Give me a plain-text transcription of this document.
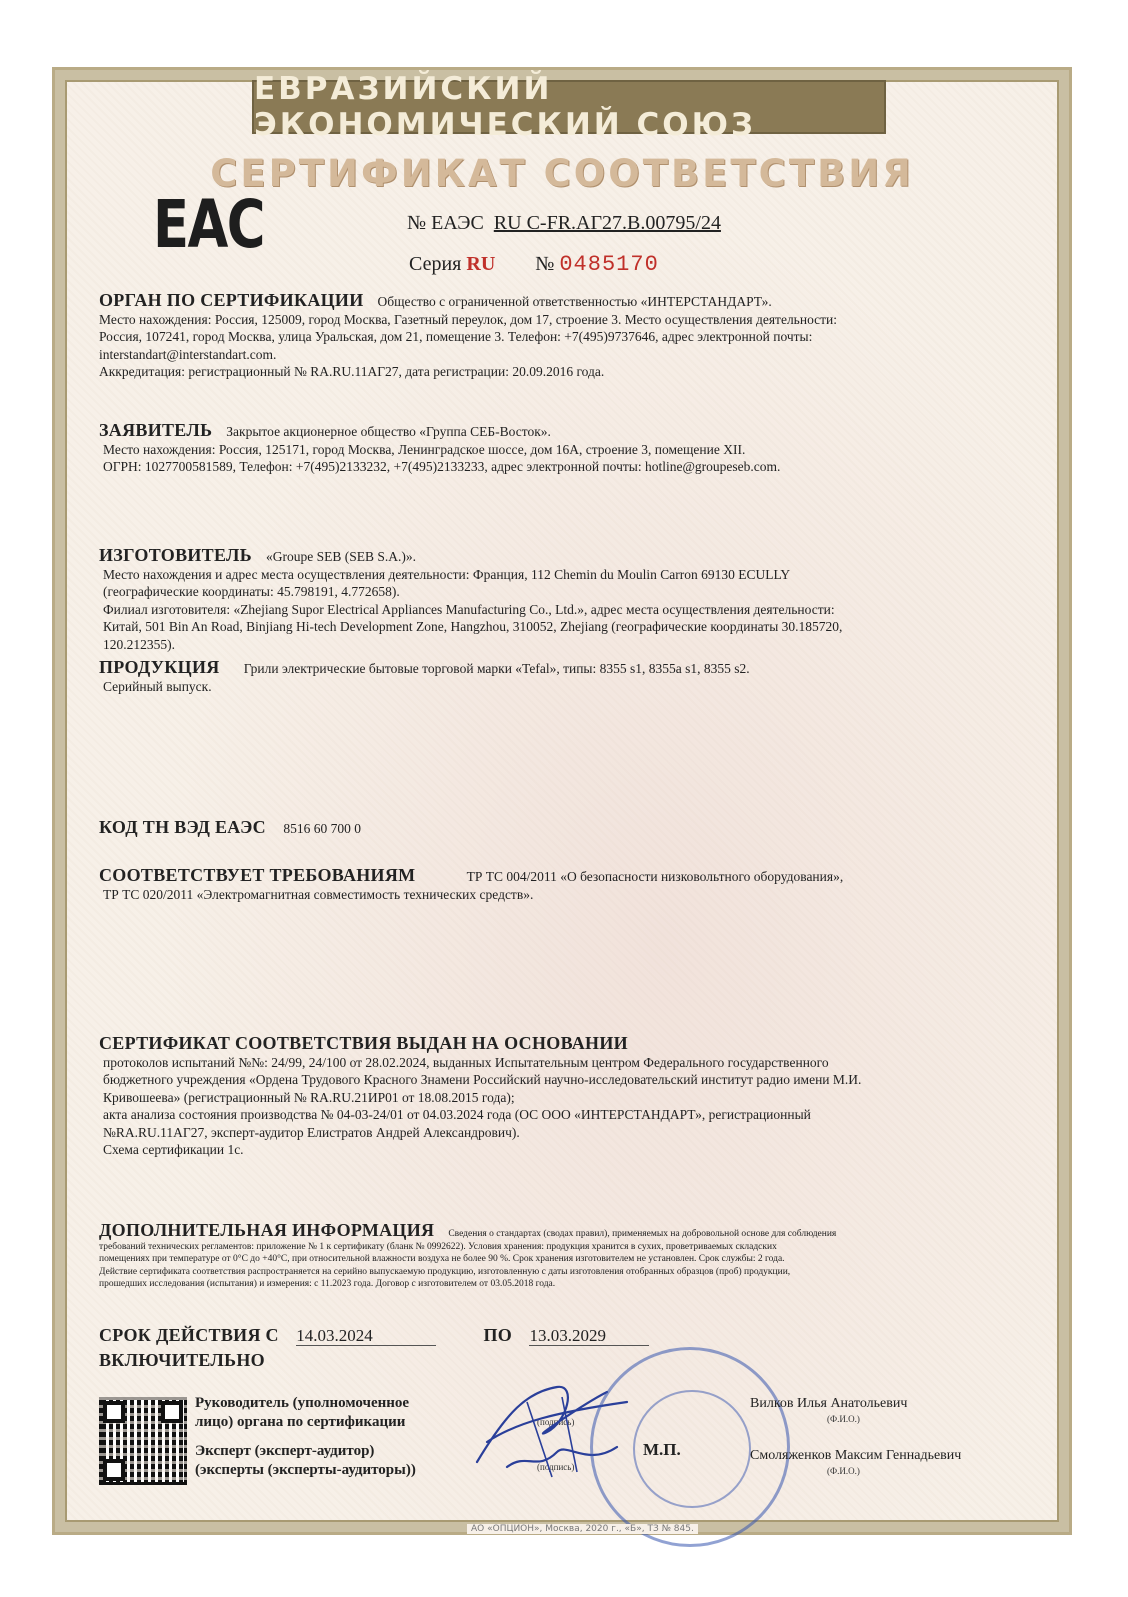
ЕВРАЗИЙСКИЙ ЭКОНОМИЧЕСКИЙ СОЮЗ
СЕРТИФИКАТ СООТВЕТСТВИЯ
EAC	№ ЕАЭС RU С-FR.АГ27.В.00795/24
Серия RU № 0485170
ОРГАН ПО СЕРТИФИКАЦИИ Общество с ограниченной ответственностью «ИНТЕРСТАНДАРТ».
Место нахождения: Россия, 125009, город Москва, Газетный переулок, дом 17, строение 3. Место осуществления деятельности:
Россия, 107241, город Москва, улица Уральская, дом 21, помещение 3. Телефон: +7(495)9737646, адрес электронной почты:
interstandart@interstandart.com.
Аккредитация: регистрационный № RA.RU.11АГ27, дата регистрации: 20.09.2016 года.
ЗАЯВИТЕЛЬ Закрытое акционерное общество «Группа СЕБ-Восток».
Место нахождения: Россия, 125171, город Москва, Ленинградское шоссе, дом 16А, строение 3, помещение XII.
ОГРН: 1027700581589, Телефон: +7(495)2133232, +7(495)2133233, адрес электронной почты: hotline@groupeseb.com.
ИЗГОТОВИТЕЛЬ «Groupe SEB (SEB S.A.)».
Место нахождения и адрес места осуществления деятельности: Франция, 112 Chemin du Moulin Carron 69130 ECULLY
(географические координаты: 45.798191, 4.772658).
Филиал изготовителя: «Zhejiang Supor Electrical Appliances Manufacturing Co., Ltd.», адрес места осуществления деятельности:
Китай, 501 Bin An Road, Binjiang Hi-tech Development Zone, Hangzhou, 310052, Zhejiang (географические координаты 30.185720,
120.212355).
ПРОДУКЦИЯ Грили электрические бытовые торговой марки «Tefal», типы: 8355 s1, 8355a s1, 8355 s2.
Серийный выпуск.
КОД ТН ВЭД ЕАЭС 8516 60 700 0
СООТВЕТСТВУЕТ ТРЕБОВАНИЯМ	ТР ТС 004/2011 «О безопасности низковольтного оборудования»,
ТР ТС 020/2011 «Электромагнитная совместимость технических средств».
СЕРТИФИКАТ СООТВЕТСТВИЯ ВЫДАН НА ОСНОВАНИИ
протоколов испытаний №№: 24/99, 24/100 от 28.02.2024, выданных Испытательным центром Федерального государственного
бюджетного учреждения «Ордена Трудового Красного Знамени Российский научно-исследовательский институт радио имени М.И.
Кривошеева» (регистрационный № RA.RU.21ИР01 от 18.08.2015 года);
акта анализа состояния производства № 04-03-24/01 от 04.03.2024 года (ОС ООО «ИНТЕРСТАНДАРТ», регистрационный
№RA.RU.11АГ27, эксперт-аудитор Елистратов Андрей Александрович).
Схема сертификации 1с.
ДОПОЛНИТЕЛЬНАЯ ИНФОРМАЦИЯ Сведения о стандартах (сводах правил), применяемых на добровольной основе для соблюдения
требований технических регламентов: приложение № 1 к сертификату (бланк № 0992622). Условия хранения: продукция хранится в сухих, проветриваемых складских
помещениях при температуре от 0°С до +40°С, при относительной влажности воздуха не более 90 %. Срок хранения изготовителем не установлен. Срок службы: 2 года.
Действие сертификата соответствия распространяется на серийно выпускаемую продукцию, изготовленную с даты изготовления отобранных образцов (проб) продукции,
прошедших исследования (испытания) и измерения: с 11.2023 года. Договор с изготовителем от 03.05.2018 года.
СРОК ДЕЙСТВИЯ С 14.03.2024	ПО 13.03.2029
ВКЛЮЧИТЕЛЬНО
Руководитель (уполномоченное
лицо) органа по сертификации
Эксперт (эксперт-аудитор)
(эксперты (эксперты-аудиторы))
(подпись)
(подпись)
М.П.
Вилков Илья Анатольевич
(Ф.И.О.)
Смоляженков Максим Геннадьевич
(Ф.И.О.)
АО «ОПЦИОН», Москва, 2020 г., «Б», ТЗ № 845.
